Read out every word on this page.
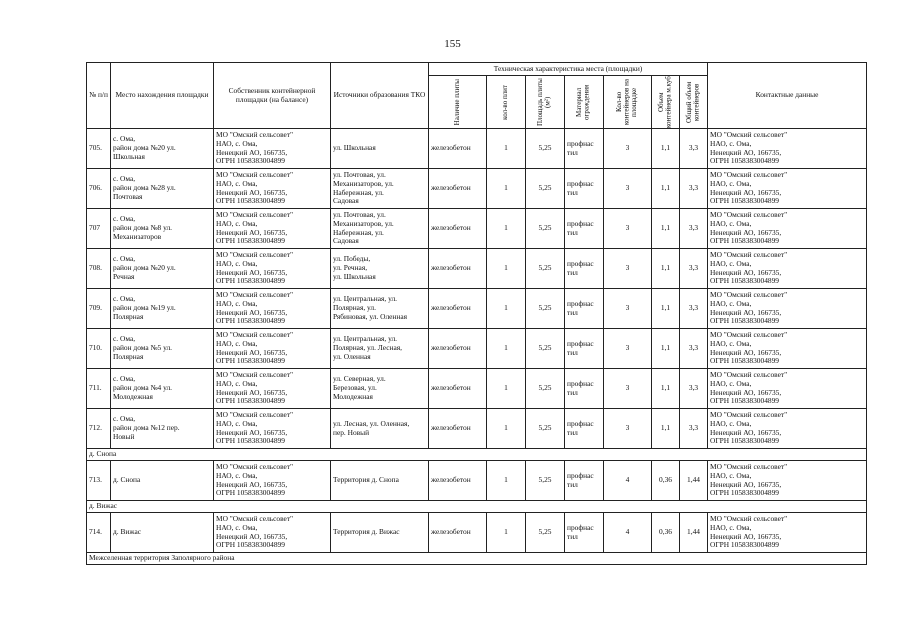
155
№ п/п	Место нахождения площадки	Собственник контейнерной площадки (на балансе)	Источники образования ТКО	Техническая характеристика места (площадки)							Контактные данные

				Наличие плиты	кол-во плит	Площадь плиты (м²)	Материал ограждения	Кол-во контейнеров на площадке	Объем контейнера м.куб	Общий объем контейнеров	

705.	с. Ома,
район дома №20 ул.
Школьная	МО "Омский сельсовет"
НАО, с. Ома,
Ненецкий АО, 166735,
ОГРН 1058383004899	ул. Школьная	железобетон	1	5,25	профнас
тил	3	1,1	3,3	МО "Омский сельсовет"
НАО, с. Ома,
Ненецкий АО, 166735,
ОГРН 1058383004899
706.	с. Ома,
район дома №28 ул.
Почтовая	МО "Омский сельсовет"
НАО, с. Ома,
Ненецкий АО, 166735,
ОГРН 1058383004899	ул. Почтовая, ул.
Механизаторов, ул.
Набережная, ул.
Садовая	железобетон	1	5,25	профнас
тил	3	1,1	3,3	МО "Омский сельсовет"
НАО, с. Ома,
Ненецкий АО, 166735,
ОГРН 1058383004899
707	с. Ома,
район дома №8 ул.
Механизаторов	МО "Омский сельсовет"
НАО, с. Ома,
Ненецкий АО, 166735,
ОГРН 1058383004899	ул. Почтовая, ул.
Механизаторов, ул.
Набережная, ул.
Садовая	железобетон	1	5,25	профнас
тил	3	1,1	3,3	МО "Омский сельсовет"
НАО, с. Ома,
Ненецкий АО, 166735,
ОГРН 1058383004899
708.	с. Ома,
район дома №20 ул.
Речная	МО "Омский сельсовет"
НАО, с. Ома,
Ненецкий АО, 166735,
ОГРН 1058383004899	ул. Победы,
ул. Речная,
ул. Школьная	железобетон	1	5,25	профнас
тил	3	1,1	3,3	МО "Омский сельсовет"
НАО, с. Ома,
Ненецкий АО, 166735,
ОГРН 1058383004899
709.	с. Ома,
район дома №19 ул.
Полярная	МО "Омский сельсовет"
НАО, с. Ома,
Ненецкий АО, 166735,
ОГРН 1058383004899	ул. Центральная, ул.
Полярная, ул.
Рябиновая, ул. Оленная	железобетон	1	5,25	профнас
тил	3	1,1	3,3	МО "Омский сельсовет"
НАО, с. Ома,
Ненецкий АО, 166735,
ОГРН 1058383004899
710.	с. Ома,
район дома №5 ул.
Полярная	МО "Омский сельсовет"
НАО, с. Ома,
Ненецкий АО, 166735,
ОГРН 1058383004899	ул. Центральная, ул.
Полярная, ул. Лесная,
ул. Оленная	железобетон	1	5,25	профнас
тил	3	1,1	3,3	МО "Омский сельсовет"
НАО, с. Ома,
Ненецкий АО, 166735,
ОГРН 1058383004899
711.	с. Ома,
район дома №4 ул.
Молодежная	МО "Омский сельсовет"
НАО, с. Ома,
Ненецкий АО, 166735,
ОГРН 1058383004899	ул. Северная, ул.
Березовая, ул.
Молодежная	железобетон	1	5,25	профнас
тил	3	1,1	3,3	МО "Омский сельсовет"
НАО, с. Ома,
Ненецкий АО, 166735,
ОГРН 1058383004899
712.	с. Ома,
район дома №12 пер.
Новый	МО "Омский сельсовет"
НАО, с. Ома,
Ненецкий АО, 166735,
ОГРН 1058383004899	ул. Лесная, ул. Оленная,
пер. Новый	железобетон	1	5,25	профнас
тил	3	1,1	3,3	МО "Омский сельсовет"
НАО, с. Ома,
Ненецкий АО, 166735,
ОГРН 1058383004899
д. Снопа											
713.	д. Снопа	МО "Омский сельсовет"
НАО, с. Ома,
Ненецкий АО, 166735,
ОГРН 1058383004899	Территория д. Снопа	железобетон	1	5,25	профнас
тил	4	0,36	1,44	МО "Омский сельсовет"
НАО, с. Ома,
Ненецкий АО, 166735,
ОГРН 1058383004899
д. Вижас											
714.	д. Вижас	МО "Омский сельсовет"
НАО, с. Ома,
Ненецкий АО, 166735,
ОГРН 1058383004899	Территория д. Вижас	железобетон	1	5,25	профнас
тил	4	0,36	1,44	МО "Омский сельсовет"
НАО, с. Ома,
Ненецкий АО, 166735,
ОГРН 1058383004899
Межселенная территория Заполярного района											
